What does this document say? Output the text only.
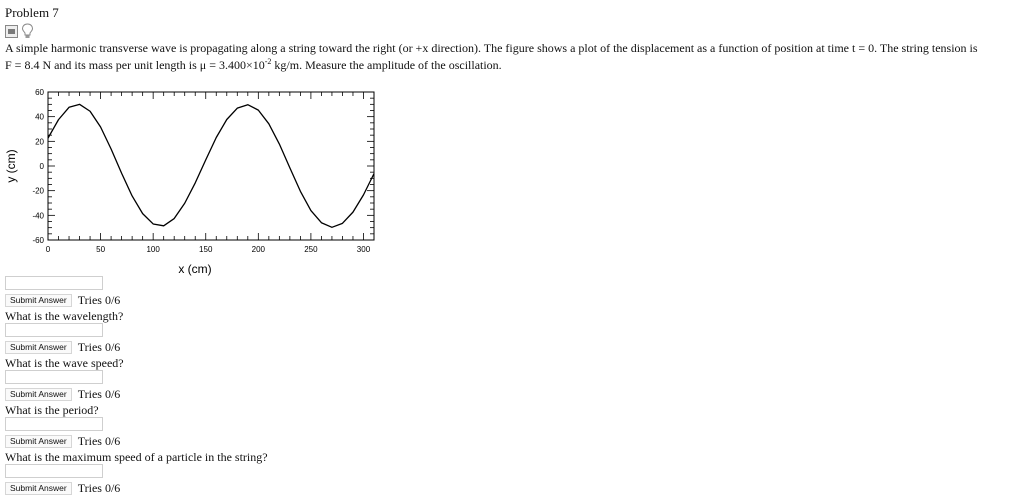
Problem 7
A simple harmonic transverse wave is propagating along a string toward the right (or +x direction). The figure shows a plot of the displacement as a function of position at time t = 0. The string tension is
F = 8.4 N and its mass per unit length is $\mu = 3.400\times 10^{-2}$ kg/m. Measure the amplitude of the oscillation.
0	50	100	150	200	250	300
60
40
20
0
-20
-40
-60
x (cm)
y (cm)
Submit Answer Tries 0/6
What is the wavelength?
Submit Answer Tries 0/6
What is the wave speed?
Submit Answer Tries 0/6
What is the period?
Submit Answer Tries 0/6
What is the maximum speed of a particle in the string?
Submit Answer Tries 0/6
